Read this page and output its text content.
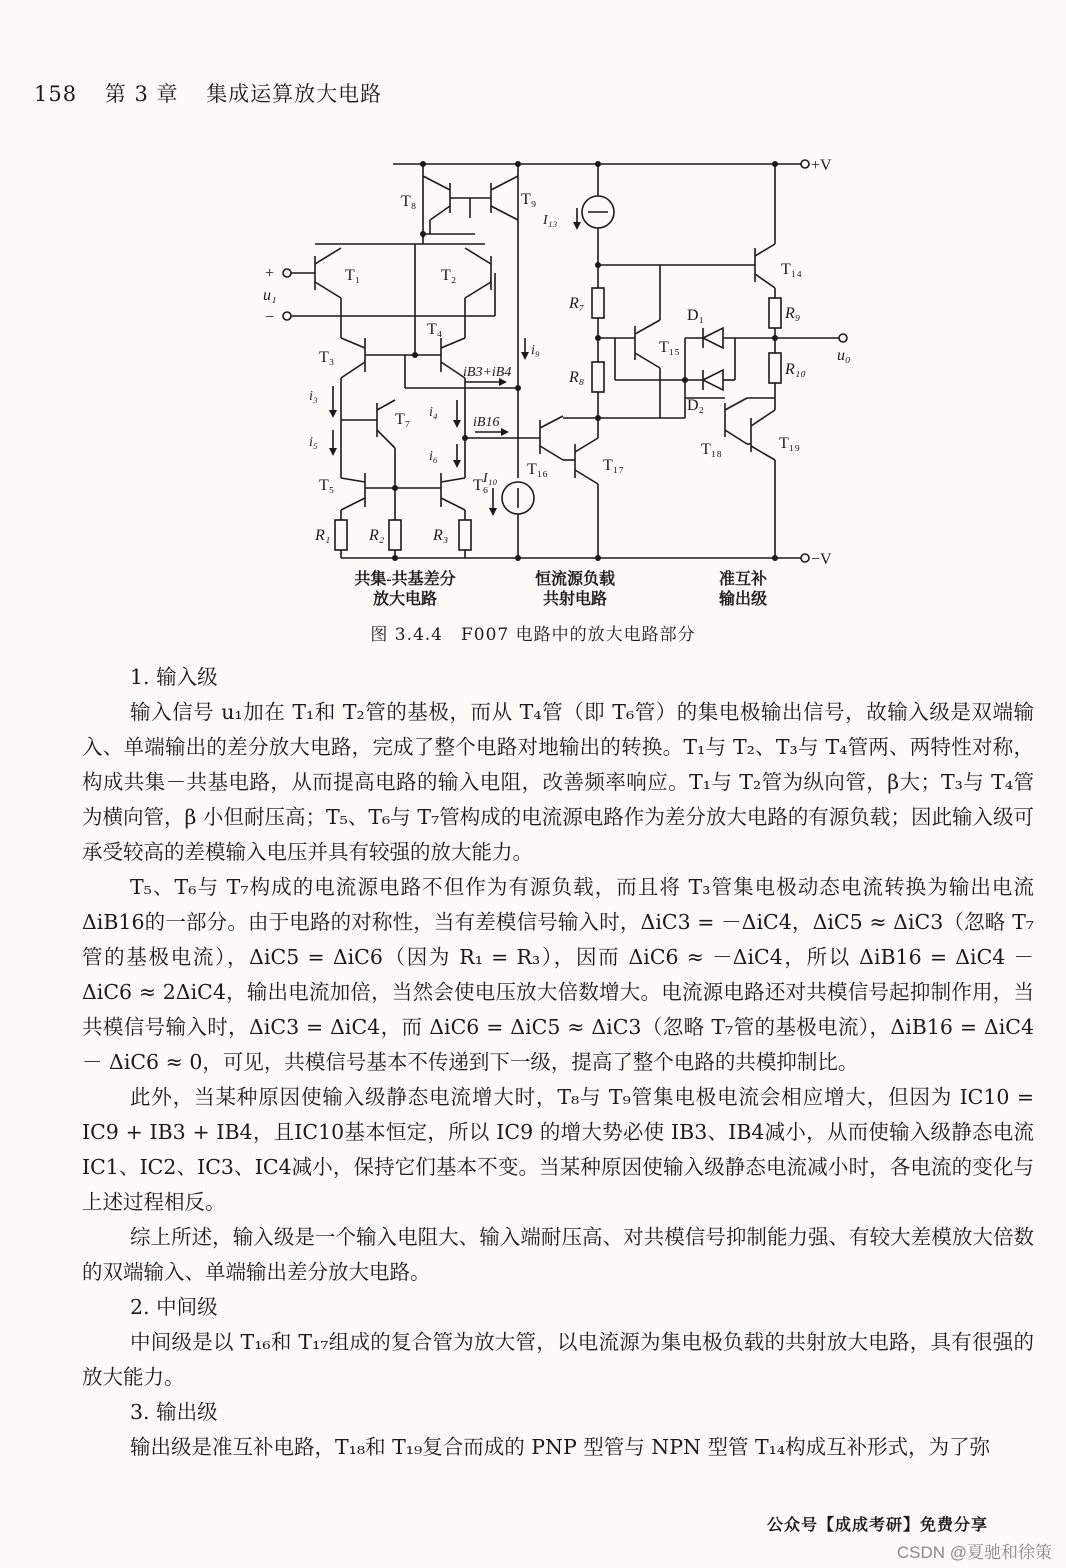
158 第 3 章 集成运算放大电路
T₈	T₉
T₁	T₂
T₃
T₄
T₇
T₅	T₆
R₁ R₂	R₃
R₇
R₈
R₉
R₁₀
T₁₄
T₁₅
T₁₆	T₁₇
T₁₈	T₁₉
D₁
D₂
I₁₃
I₁₀
i₃
i₅
i₄
i₆
i₉
iB16
iB3+iB4
+V
−V
+
−
u₁
u₀
共集-共基差分
放大电路
恒流源负载
共射电路
准互补
输出级
图 3.4.4　F007 电路中的放大电路部分

1. 输入级

输入信号 u₁加在 T₁和 T₂管的基极，而从 T₄管（即 T₆管）的集电极输出信号，故输入级是双端输入、单端输出的差分放大电路，完成了整个电路对地输出的转换。T₁与 T₂、T₃与 T₄管两、两特性对称，构成共集－共基电路，从而提高电路的输入电阻，改善频率响应。T₁与 T₂管为纵向管，β大；T₃与 T₄管为横向管，β 小但耐压高；T₅、T₆与 T₇管构成的电流源电路作为差分放大电路的有源负载；因此输入级可承受较高的差模输入电压并具有较强的放大能力。

T₅、T₆与 T₇构成的电流源电路不但作为有源负载，而且将 T₃管集电极动态电流转换为输出电流 ΔiB16的一部分。由于电路的对称性，当有差模信号输入时，ΔiC3 = －ΔiC4，ΔiC5 ≈ ΔiC3（忽略 T₇管的基极电流），ΔiC5 = ΔiC6（因为 R₁ = R₃），因而 ΔiC6 ≈ －ΔiC4，所以 ΔiB16 = ΔiC4 － ΔiC6 ≈ 2ΔiC4，输出电流加倍，当然会使电压放大倍数增大。电流源电路还对共模信号起抑制作用，当共模信号输入时，ΔiC3 = ΔiC4，而 ΔiC6 = ΔiC5 ≈ ΔiC3（忽略 T₇管的基极电流），ΔiB16 = ΔiC4 － ΔiC6 ≈ 0，可见，共模信号基本不传递到下一级，提高了整个电路的共模抑制比。

此外，当某种原因使输入级静态电流增大时，T₈与 T₉管集电极电流会相应增大，但因为 IC10 = IC9 + IB3 + IB4，且IC10基本恒定，所以 IC9 的增大势必使 IB3、IB4减小，从而使输入级静态电流 IC1、IC2、IC3、IC4减小，保持它们基本不变。当某种原因使输入级静态电流减小时，各电流的变化与上述过程相反。

综上所述，输入级是一个输入电阻大、输入端耐压高、对共模信号抑制能力强、有较大差模放大倍数的双端输入、单端输出差分放大电路。

2. 中间级

中间级是以 T₁₆和 T₁₇组成的复合管为放大管，以电流源为集电极负载的共射放大电路，具有很强的放大能力。

3. 输出级

输出级是准互补电路，T₁₈和 T₁₉复合而成的 PNP 型管与 NPN 型管 T₁₄构成互补形式，为了弥

公众号【成成考研】免费分享
CSDN @夏驰和徐策
